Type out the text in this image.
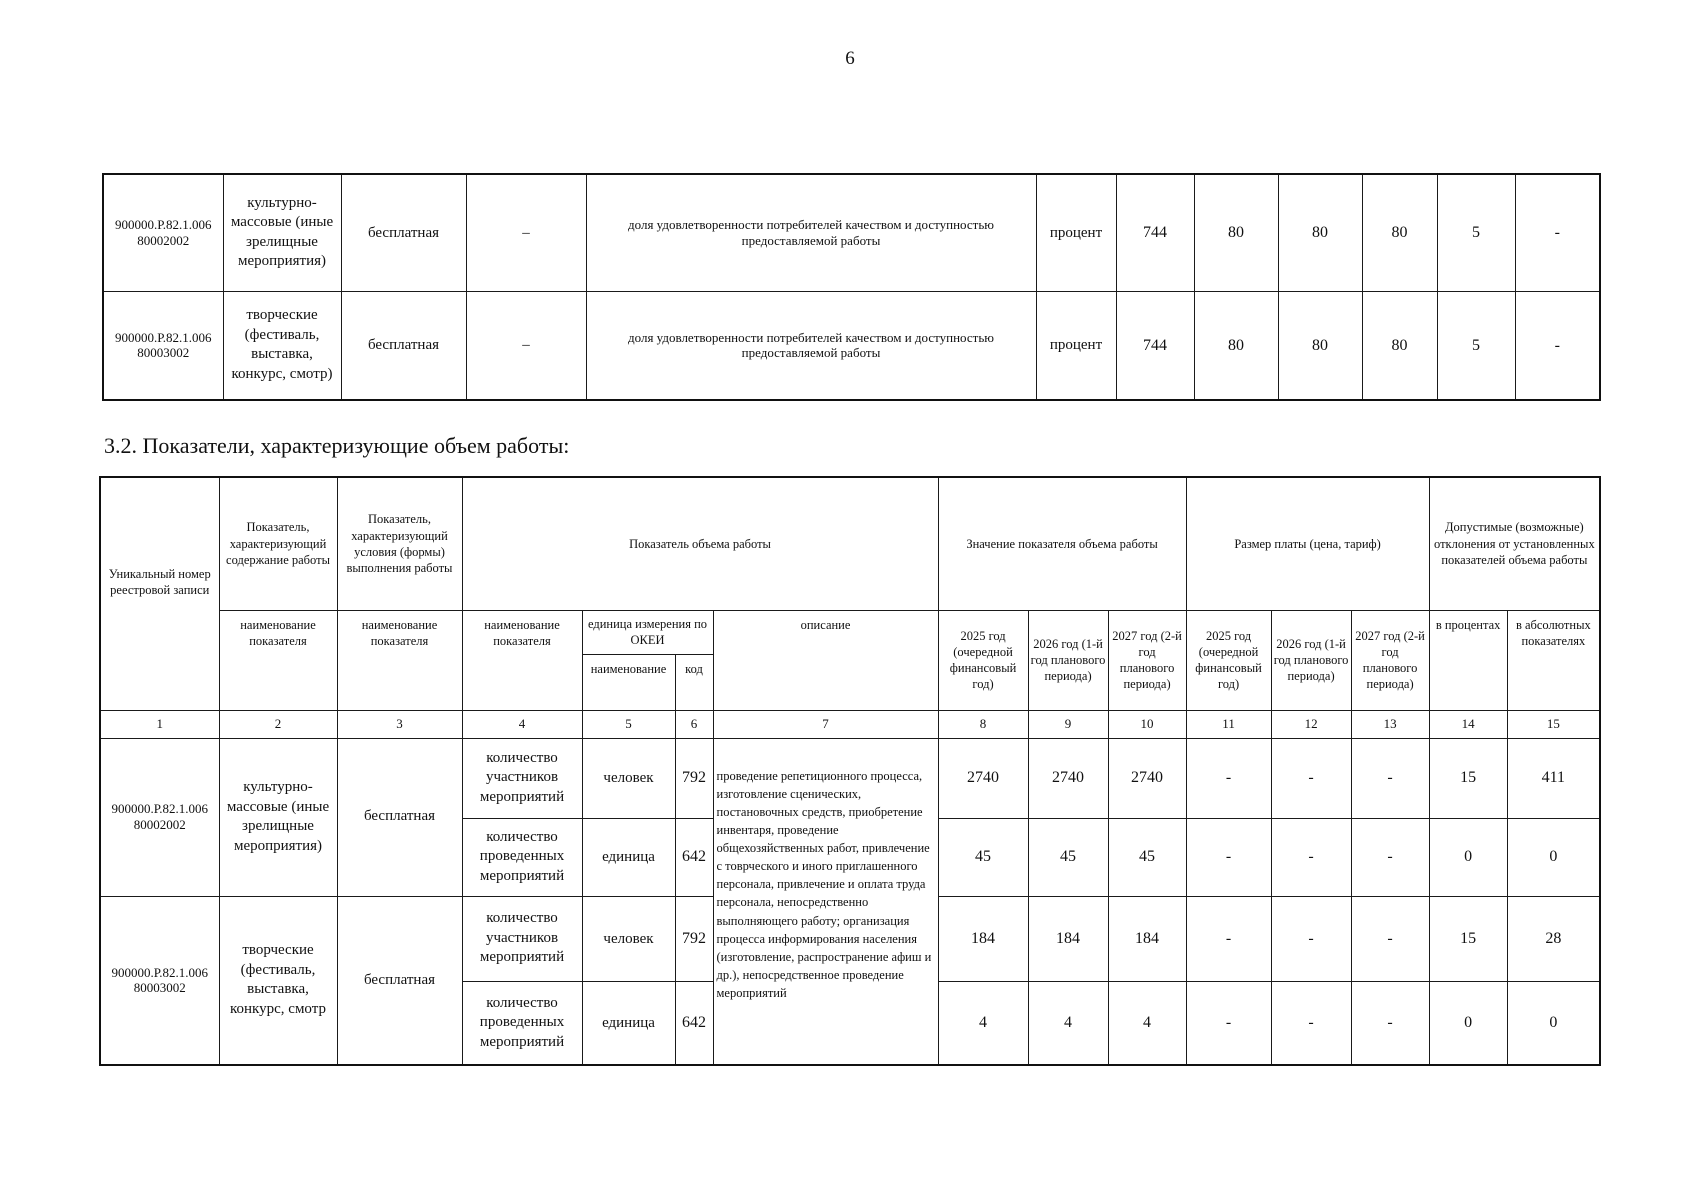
6
900000.Р.82.1.006 80002002	культурно-массовые (иные зрелищные мероприятия)	бесплатная	–	доля удовлетворенности потребителей качеством и доступностью предоставляемой работы	процент	744	80	80	80	5	-
900000.Р.82.1.006 80003002	творческие (фестиваль, выставка, конкурс, смотр)	бесплатная	–	доля удовлетворенности потребителей качеством и доступностью предоставляемой работы	процент	744	80	80	80	5	-
3.2. Показатели, характеризующие объем работы:
Уникальный номер реестровой записи	Показатель, характеризующий содержание работы	Показатель, характеризующий условия (формы) выполнения работы	Показатель объема работы				Значение показателя объема работы			Размер платы (цена, тариф)			Допустимые (возможные) отклонения от установленных показателей объема работы	
	наименование показателя	наименование показателя	наименование показателя	единица измерения по ОКЕИ		описание	2025 год (очередной финансовый год)	2026 год (1-й год планового периода)	2027 год (2-й год планового периода)	2025 год (очередной финансовый год)	2026 год (1-й год планового периода)	2027 год (2-й год планового периода)	в процентах	в абсолютных показателях
				наименование	код									
1	2	3	4	5	6	7	8	9	10	11	12	13	14	15
900000.Р.82.1.006 80002002	культурно-массовые (иные зрелищные мероприятия)	бесплатная	количество участников мероприятий	человек	792	проведение репетиционного процесса, изготовление сценических, постановочных средств, приобретение инвентаря, проведение общехозяйственных работ, привлечение с товрческого и иного приглашенного персонала, привлечение и оплата труда персонала, непосредственно выполняющего работу; организация процесса информирования населения (изготовление, распространение афиш и др.), непосредственное проведение мероприятий	2740	2740	2740	-	-	-	15	411
			количество проведенных мероприятий	единица	642		45	45	45	-	-	-	0	0
900000.Р.82.1.006 80003002	творческие (фестиваль, выставка, конкурс, смотр	бесплатная	количество участников мероприятий	человек	792		184	184	184	-	-	-	15	28
			количество проведенных мероприятий	единица	642		4	4	4	-	-	-	0	0
